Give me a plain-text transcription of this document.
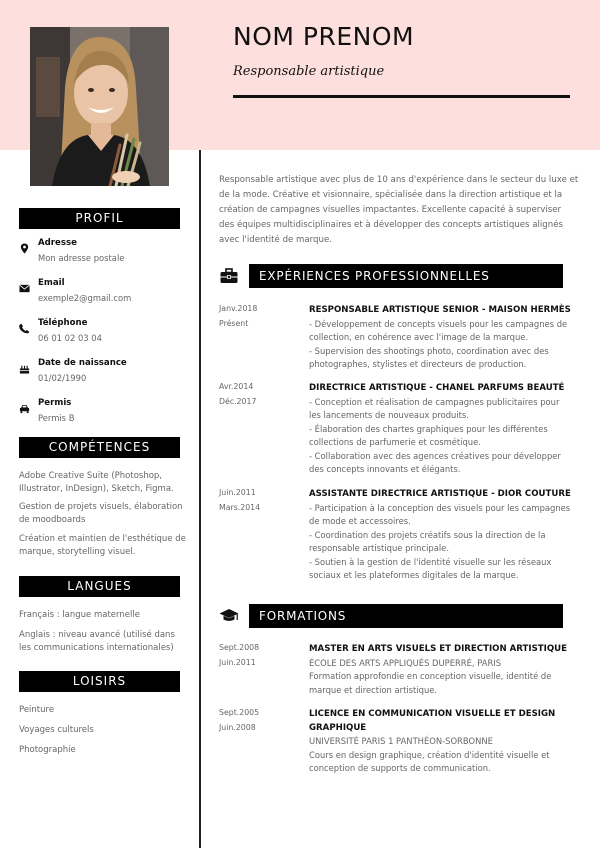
NOM PRENOM
Responsable artistique
Responsable artistique avec plus de 10 ans d'expérience dans le secteur du luxe et de la mode. Créative et visionnaire, spécialisée dans la direction artistique et la création de campagnes visuelles impactantes. Excellente capacité à superviser des équipes multidisciplinaires et à développer des concepts artistiques alignés avec l'identité de marque.
PROFIL
Adresse
Mon adresse postale
Email
exemple2@gmail.com
Téléphone
06 01 02 03 04
Date de naissance
01/02/1990
Permis
Permis B
COMPÉTENCES
Adobe Creative Suite (Photoshop, Illustrator, InDesign), Sketch, Figma.
Gestion de projets visuels, élaboration de moodboards
Création et maintien de l'esthétique de marque, storytelling visuel.
LANGUES
Français : langue maternelle
Anglais : niveau avancé (utilisé dans les communications internationales)
LOISIRS
Peinture
Voyages culturels
Photographie
EXPÉRIENCES PROFESSIONNELLES
Janv.2018
Présent
RESPONSABLE ARTISTIQUE SENIOR - MAISON HERMÈS
- Développement de concepts visuels pour les campagnes de collection, en cohérence avec l'image de la marque.
- Supervision des shootings photo, coordination avec des photographes, stylistes et directeurs de production.
Avr.2014
Déc.2017
DIRECTRICE ARTISTIQUE - CHANEL PARFUMS BEAUTÉ
- Conception et réalisation de campagnes publicitaires pour les lancements de nouveaux produits.
- Élaboration des chartes graphiques pour les différentes collections de parfumerie et cosmétique.
- Collaboration avec des agences créatives pour développer des concepts innovants et élégants.
Juin.2011
Mars.2014
ASSISTANTE DIRECTRICE ARTISTIQUE - DIOR COUTURE
- Participation à la conception des visuels pour les campagnes de mode et accessoires.
- Coordination des projets créatifs sous la direction de la responsable artistique principale.
- Soutien à la gestion de l'identité visuelle sur les réseaux sociaux et les plateformes digitales de la marque.
FORMATIONS
Sept.2008
Juin.2011
MASTER EN ARTS VISUELS ET DIRECTION ARTISTIQUE
ÉCOLE DES ARTS APPLIQUÉS DUPERRÉ, PARIS
Formation approfondie en conception visuelle, identité de marque et direction artistique.
Sept.2005
Juin.2008
LICENCE EN COMMUNICATION VISUELLE ET DESIGN GRAPHIQUE
UNIVERSITÉ PARIS 1 PANTHÉON-SORBONNE
Cours en design graphique, création d'identité visuelle et conception de supports de communication.
